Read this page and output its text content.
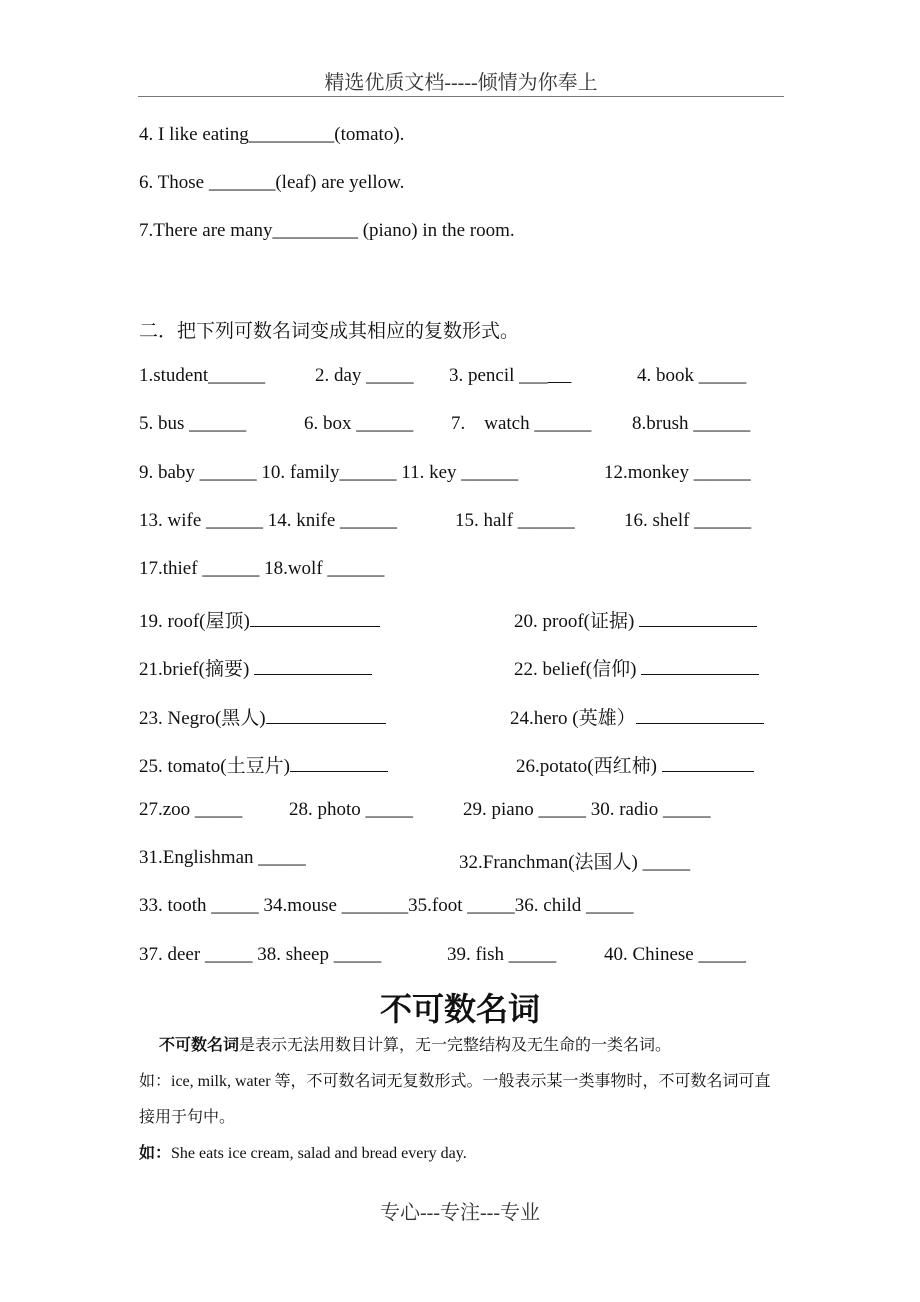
精选优质文档-----倾情为你奉上
4. I like eating_________(tomato).
6. Those _______(leaf) are yellow.
7.There are many_________ (piano) in the room.
二．把下列可数名词变成其相应的复数形式。
1.student______	2. day _____ 3. pencil ___	4. book _____
5. bus ______	6. box ______ 7.    watch ______ 8.brush ______
9. baby ______ 10. family______ 11. key ______	12.monkey ______
13. wife ______ 14. knife ______	15. half ______	16. shelf ______
17.thief ______ 18.wolf ______
19. roof(屋顶)	20. proof(证据)
21.brief(摘要)	22. belief(信仰)
23. Negro(黑人)	24.hero (英雄）
25. tomato(土豆片)	26.potato(西红柿)
27.zoo _____ 28. photo _____	29. piano _____ 30. radio _____
31.Englishman _____	32.Franchman(法国人) _____
33. tooth _____ 34.mouse _______35.foot _____36. child _____
37. deer _____ 38. sheep _____	39. fish _____	40. Chinese _____
不可数名词
不可数名词是表示无法用数目计算，无一完整结构及无生命的一类名词。
如：ice, milk, water 等，不可数名词无复数形式。一般表示某一类事物时，不可数名词可直接用于句中。
如：She eats ice cream, salad and bread every day.
专心---专注---专业
